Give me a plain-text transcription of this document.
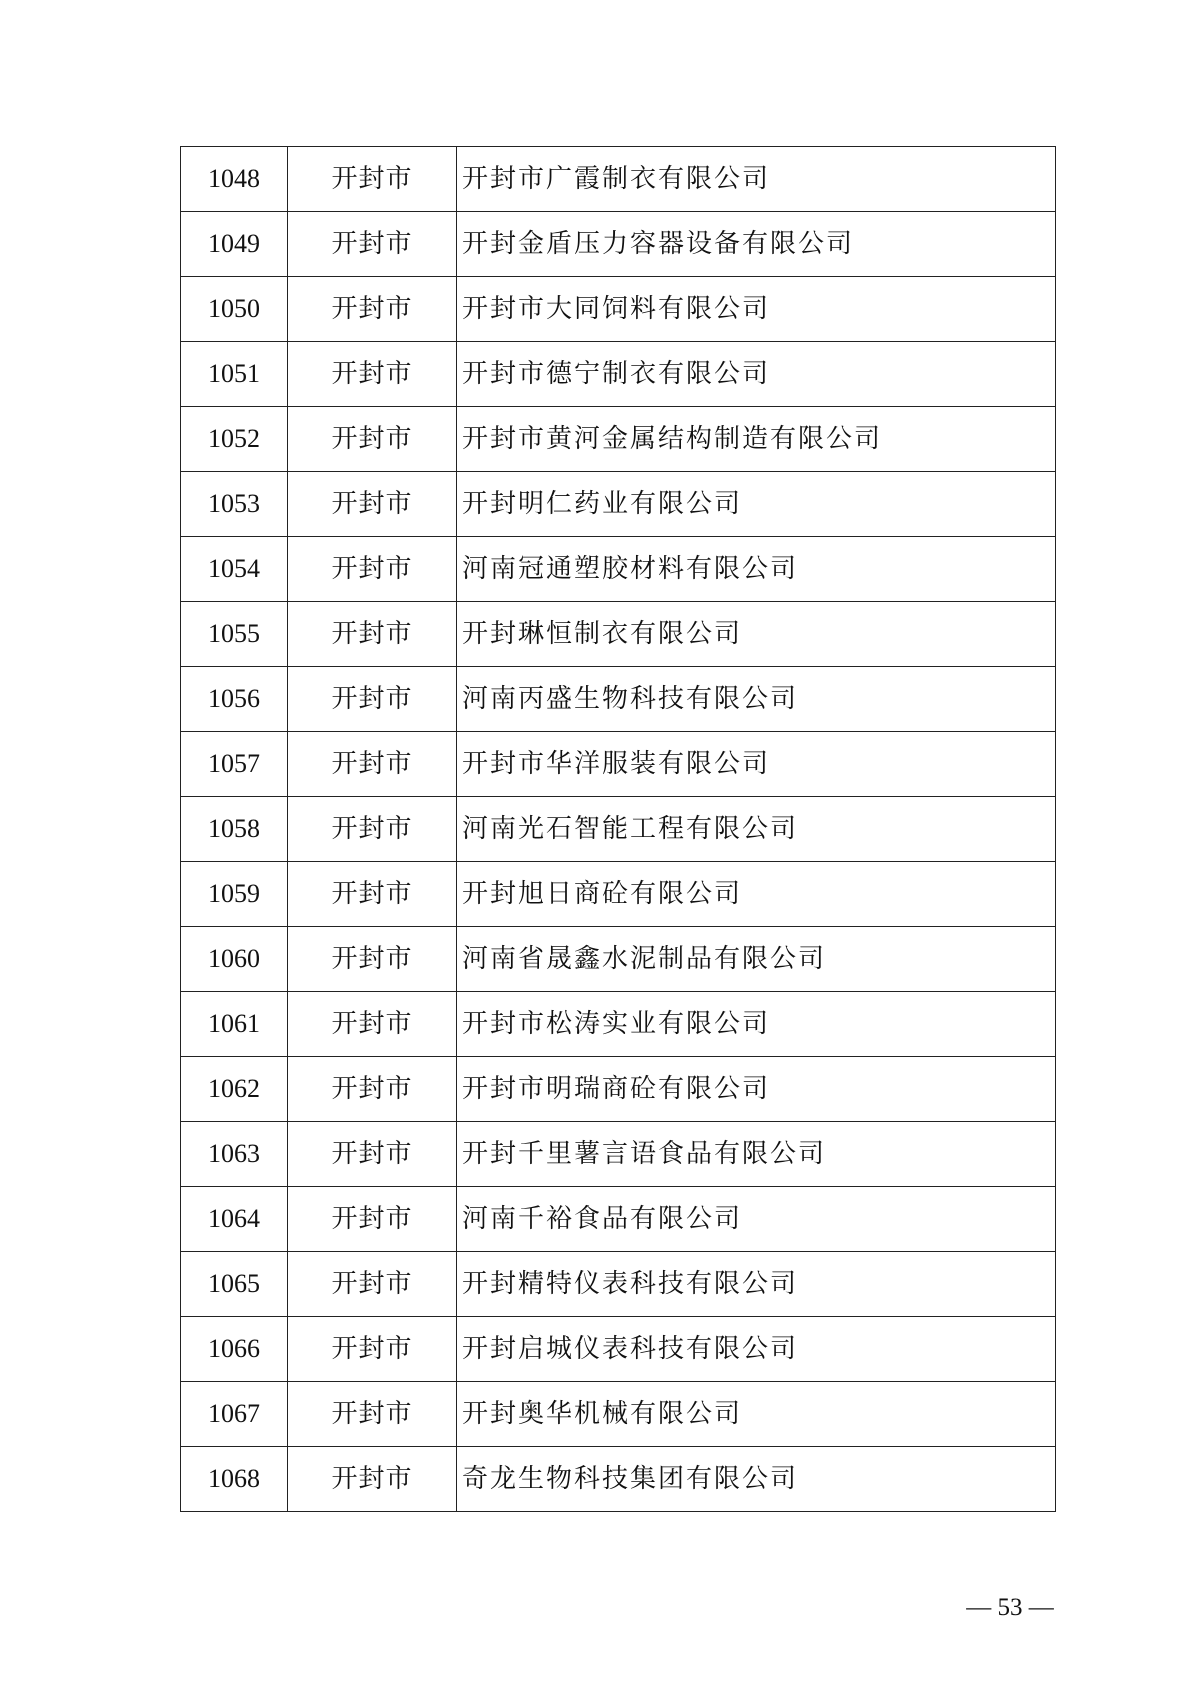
1048	开封市	开封市广霞制衣有限公司
1049	开封市	开封金盾压力容器设备有限公司
1050	开封市	开封市大同饲料有限公司
1051	开封市	开封市德宁制衣有限公司
1052	开封市	开封市黄河金属结构制造有限公司
1053	开封市	开封明仁药业有限公司
1054	开封市	河南冠通塑胶材料有限公司
1055	开封市	开封琳恒制衣有限公司
1056	开封市	河南丙盛生物科技有限公司
1057	开封市	开封市华洋服装有限公司
1058	开封市	河南光石智能工程有限公司
1059	开封市	开封旭日商砼有限公司
1060	开封市	河南省晟鑫水泥制品有限公司
1061	开封市	开封市松涛实业有限公司
1062	开封市	开封市明瑞商砼有限公司
1063	开封市	开封千里薯言语食品有限公司
1064	开封市	河南千裕食品有限公司
1065	开封市	开封精特仪表科技有限公司
1066	开封市	开封启城仪表科技有限公司
1067	开封市	开封奥华机械有限公司
1068	开封市	奇龙生物科技集团有限公司
— 53 —
